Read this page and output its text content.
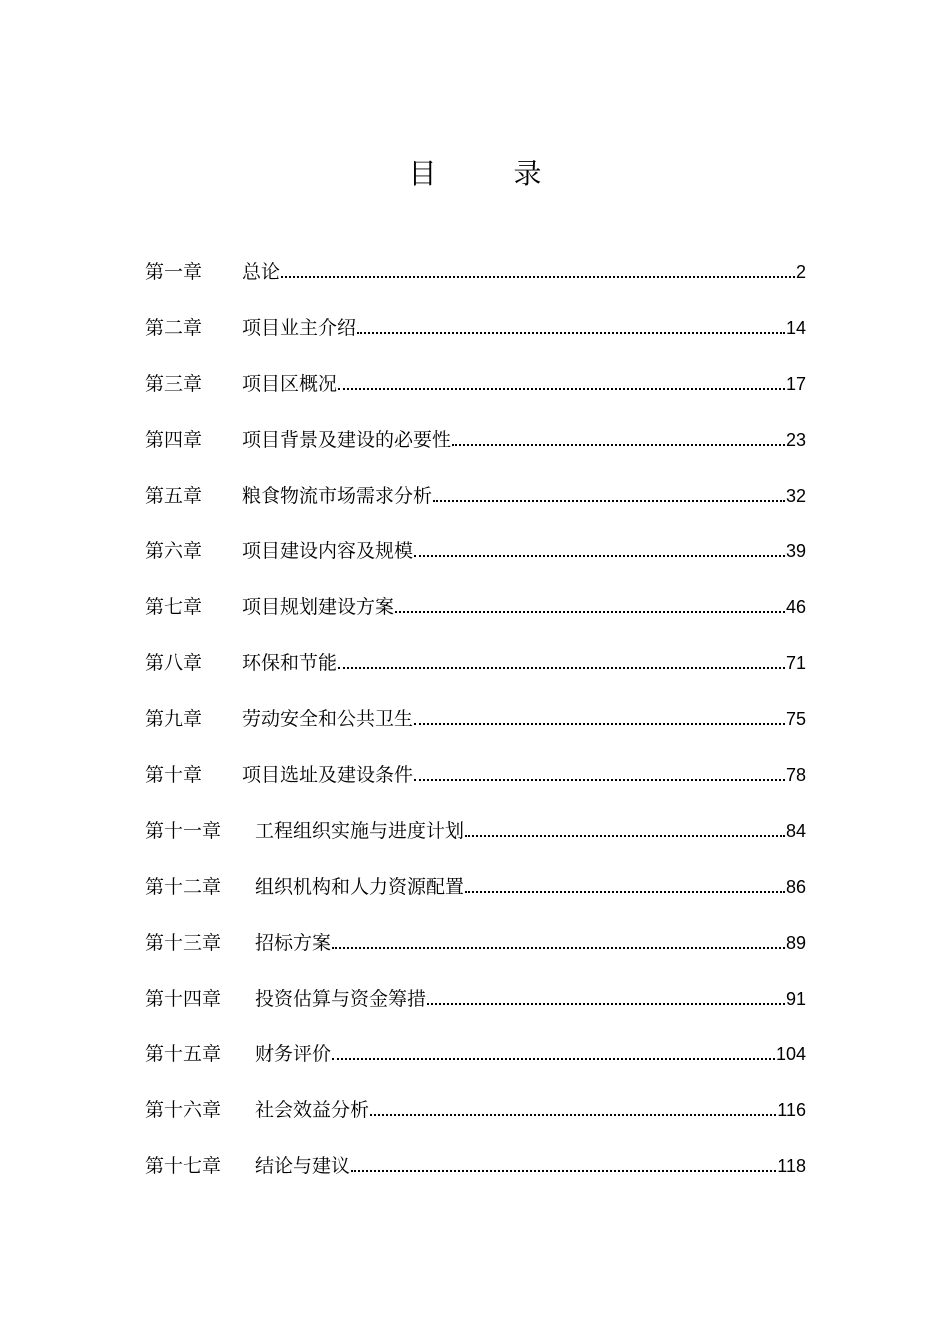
目 录
第一章	总论	2
第二章	项目业主介绍	14
第三章	项目区概况	17
第四章	项目背景及建设的必要性	23
第五章	粮食物流市场需求分析	32
第六章	项目建设内容及规模	39
第七章	项目规划建设方案	46
第八章	环保和节能	71
第九章	劳动安全和公共卫生	75
第十章	项目选址及建设条件	78
第十一章	工程组织实施与进度计划	84
第十二章	组织机构和人力资源配置	86
第十三章	招标方案	89
第十四章	投资估算与资金筹措	91
第十五章	财务评价	104
第十六章	社会效益分析	116
第十七章	结论与建议	118
